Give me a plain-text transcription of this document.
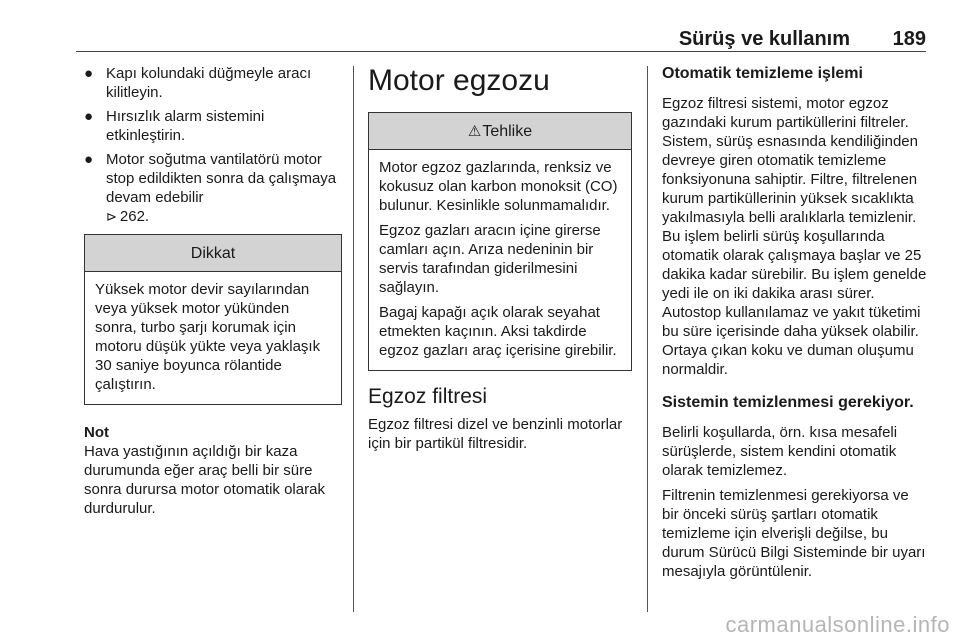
Sürüş ve kullanım 189
● Kapı kolundaki düğmeyle aracı kilitleyin.
● Hırsızlık alarm sistemini etkinleştirin.
● Motor soğutma vantilatörü motor stop edildikten sonra da çalışmaya devam edebilir
⊳ 262.
Dikkat

Yüksek motor devir sayılarından veya yüksek motor yükünden sonra, turbo şarjı korumak için motoru düşük yükte veya yaklaşık 30 saniye boyunca rölantide çalıştırın.

Not
Hava yastığının açıldığı bir kaza durumunda eğer araç belli bir süre sonra durursa motor otomatik olarak durdurulur.
Motor egzozu
⚠Tehlike

Motor egzoz gazlarında, renksiz ve kokusuz olan karbon monoksit (CO) bulunur. Kesinlikle solunmamalıdır.

Egzoz gazları aracın içine girerse camları açın. Arıza nedeninin bir servis tarafından giderilmesini sağlayın.

Bagaj kapağı açık olarak seyahat etmekten kaçının. Aksi takdirde egzoz gazları araç içerisine girebilir.

Egzoz filtresi
Egzoz filtresi dizel ve benzinli motorlar için bir partikül filtresidir.
Otomatik temizleme işlemi
Egzoz filtresi sistemi, motor egzoz gazındaki kurum partiküllerini filtreler. Sistem, sürüş esnasında kendiliğinden devreye giren otomatik temizleme fonksiyonuna sahiptir. Filtre, filtrelenen kurum partiküllerinin yüksek sıcaklıkta yakılmasıyla belli aralıklarla temizlenir. Bu işlem belirli sürüş koşullarında otomatik olarak çalışmaya başlar ve 25 dakika kadar sürebilir. Bu işlem genelde yedi ile on iki dakika arası sürer. Autostop kullanılamaz ve yakıt tüketimi bu süre içerisinde daha yüksek olabilir. Ortaya çıkan koku ve duman oluşumu normaldir.
Sistemin temizlenmesi gerekiyor.
Belirli koşullarda, örn. kısa mesafeli sürüşlerde, sistem kendini otomatik olarak temizlemez.
Filtrenin temizlenmesi gerekiyorsa ve bir önceki sürüş şartları otomatik temizleme için elverişli değilse, bu durum Sürücü Bilgi Sisteminde bir uyarı mesajıyla görüntülenir.
carmanualsonline.info
